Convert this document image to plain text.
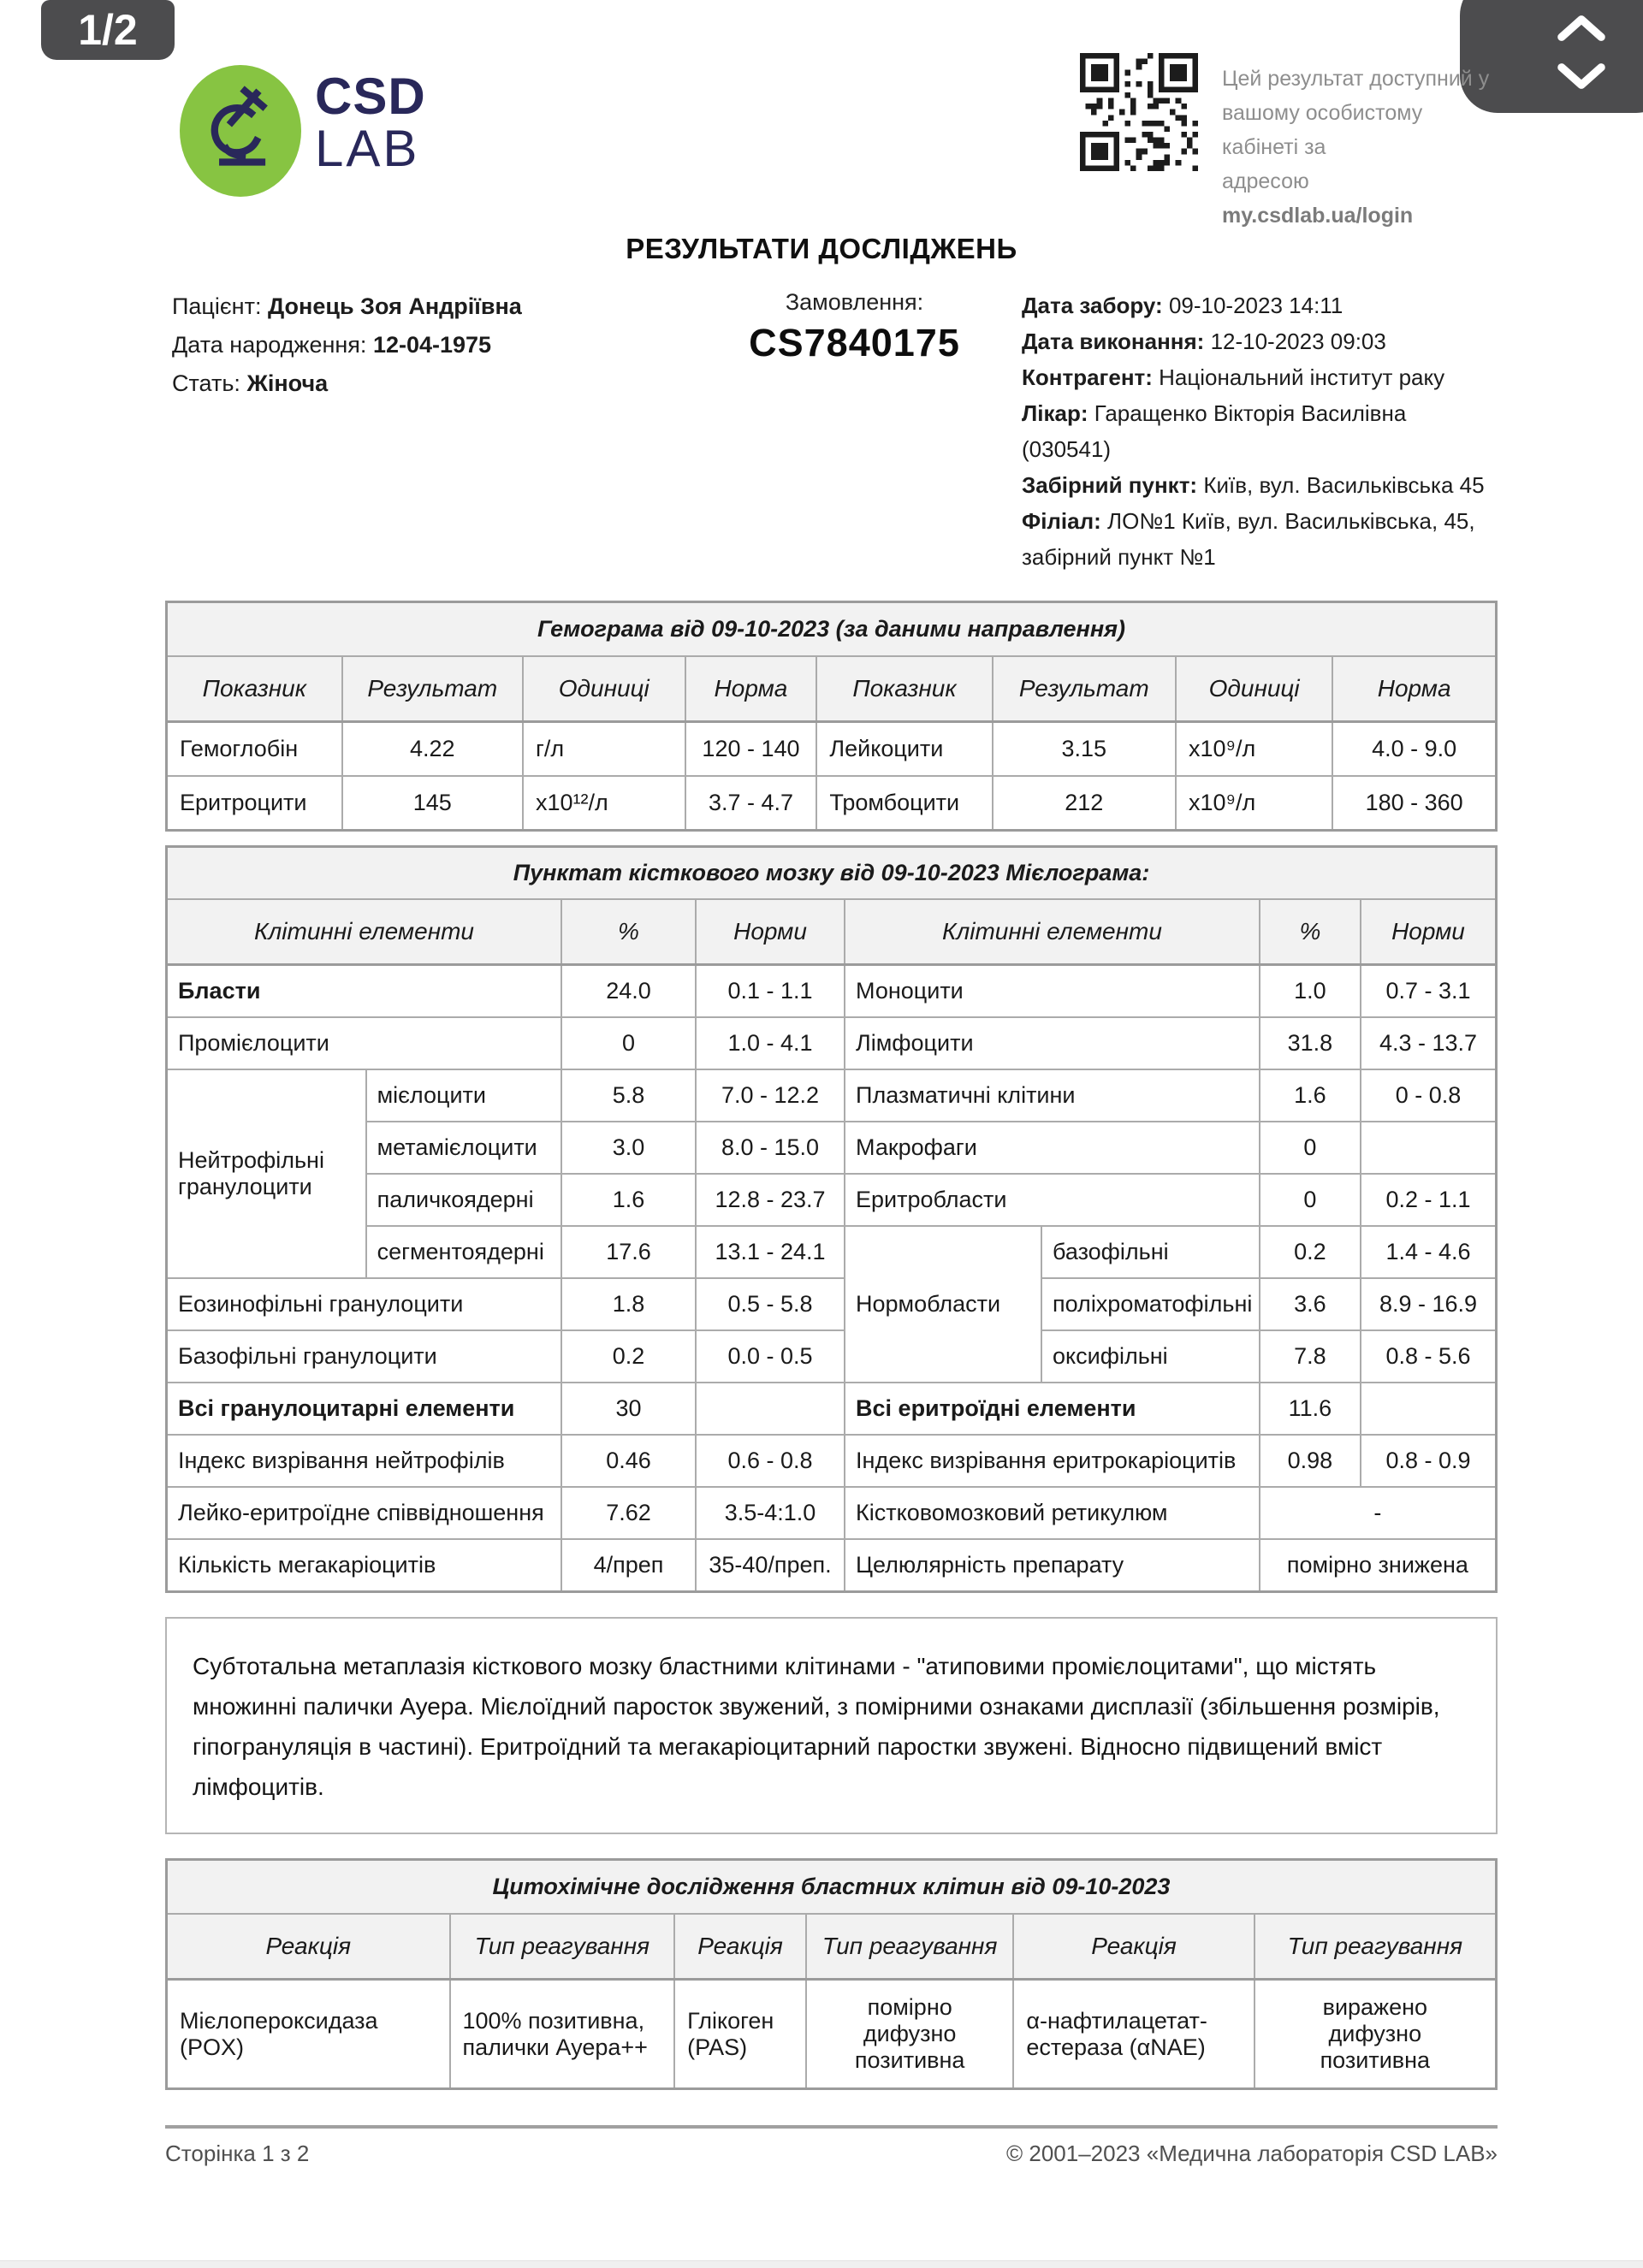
1/2
CSD
LAB
Цей результат доступний у
вашому особистому кабінеті за
адресою my.csdlab.ua/login
РЕЗУЛЬТАТИ ДОСЛІДЖЕНЬ
Пацієнт: Донець Зоя Андріївна
Дата народження: 12-04-1975
Стать: Жіноча
Замовлення:
CS7840175
Дата забору: 09-10-2023 14:11
Дата виконання: 12-10-2023 09:03
Контрагент: Національний інститут раку
Лікар: Гаращенко Вікторія Василівна (030541)
Забірний пункт: Київ, вул. Васильківська 45
Філіал: ЛО№1 Київ, вул. Васильківська, 45, забірний пункт №1
Гемограма від 09-10-2023 (за даними направлення)							
Показник	Результат	Одиниці	Норма	Показник	Результат	Одиниці	Норма
Гемоглобін	4.22	г/л	120 - 140	Лейкоцити	3.15	х10⁹/л	4.0 - 9.0
Еритроцити	145	х10¹²/л	3.7 - 4.7	Тромбоцити	212	х10⁹/л	180 - 360
Пунктат кісткового мозку від 09-10-2023 Мієлограма:							
Клітинні елементи		%	Норми	Клітинні елементи		%	Норми
Бласти		24.0	0.1 - 1.1	Моноцити		1.0	0.7 - 3.1
Промієлоцити		0	1.0 - 4.1	Лімфоцити		31.8	4.3 - 13.7
Нейтрофільні гранулоцити	мієлоцити	5.8	7.0 - 12.2	Плазматичні клітини		1.6	0 - 0.8
	метамієлоцити	3.0	8.0 - 15.0	Макрофаги		0	
	паличкоядерні	1.6	12.8 - 23.7	Еритробласти		0	0.2 - 1.1
	сегментоядерні	17.6	13.1 - 24.1	Нормобласти	базофільні	0.2	1.4 - 4.6
Еозинофільні гранулоцити		1.8	0.5 - 5.8		поліхроматофільні	3.6	8.9 - 16.9
Базофільні гранулоцити		0.2	0.0 - 0.5		оксифільні	7.8	0.8 - 5.6
Всі гранулоцитарні елементи		30		Всі еритроїдні елементи		11.6	
Індекс визрівання нейтрофілів		0.46	0.6 - 0.8	Індекс визрівання еритрокаріоцитів		0.98	0.8 - 0.9
Лейко-еритроїдне співвідношення		7.62	3.5-4:1.0	Кістковомозковий ретикулюм		-	
Кількість мегакаріоцитів		4/преп	35-40/преп.	Целюлярність препарату		помірно знижена	
Субтотальна метаплазія кісткового мозку бластними клітинами - "атиповими промієлоцитами", що містять множинні палички Ауера. Мієлоїдний паросток звужений, з помірними ознаками дисплазії (збільшення розмірів, гіпогрануляція в частині). Еритроїдний та мегакаріоцитарний паростки звужені. Відносно підвищений вміст лімфоцитів.
Цитохімічне дослідження бластних клітин від 09-10-2023					
Реакція	Тип реагування	Реакція	Тип реагування	Реакція	Тип реагування
Мієлопероксидаза (POX)	100% позитивна, палички Ауера++	Глікоген (PAS)	помірно дифузно позитивна	α-нафтилацетат-естераза (αNAE)	виражено дифузно позитивна
Сторінка 1 з 2	© 2001–2023 «Медична лабораторія CSD LAB»
